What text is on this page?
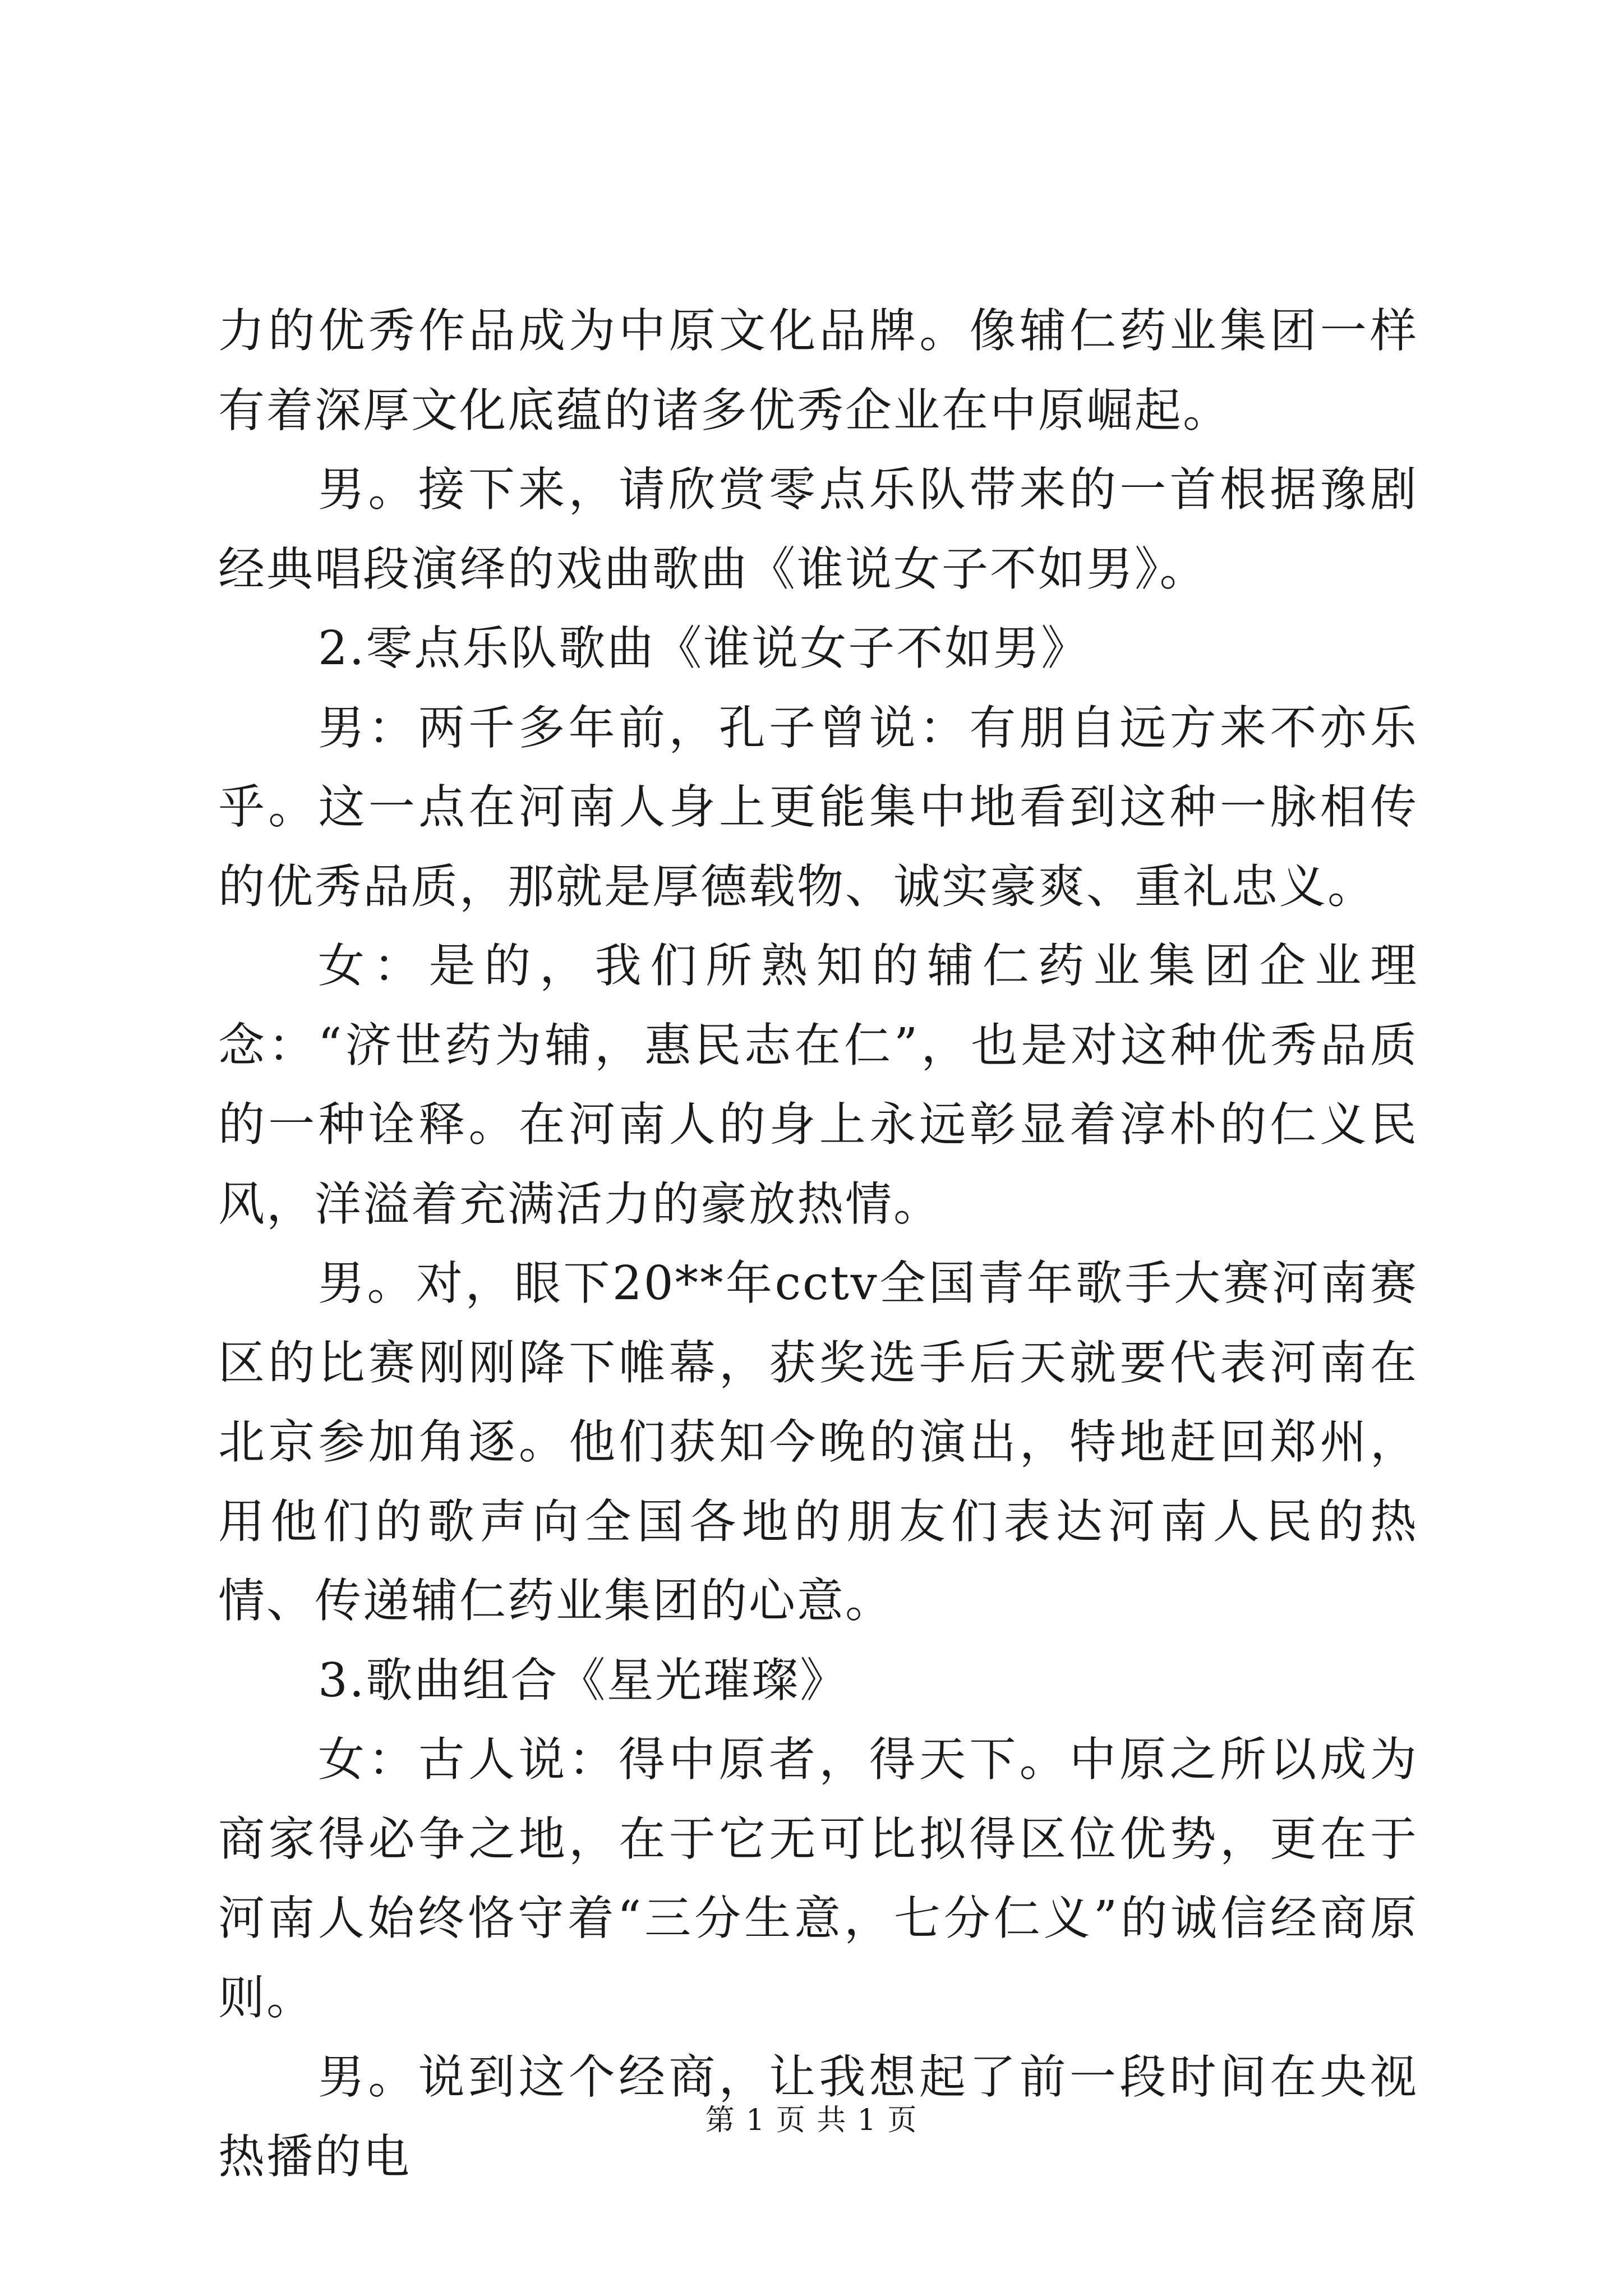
力的优秀作品成为中原文化品牌。像辅仁药业集团一样有着深厚文化底蕴的诸多优秀企业在中原崛起。

男。接下来，请欣赏零点乐队带来的一首根据豫剧经典唱段演绎的戏曲歌曲《谁说女子不如男》。

2.零点乐队歌曲《谁说女子不如男》

男：两千多年前，孔子曾说：有朋自远方来不亦乐乎。这一点在河南人身上更能集中地看到这种一脉相传的优秀品质，那就是厚德载物、诚实豪爽、重礼忠义。

女：是的，我们所熟知的辅仁药业集团企业理念：“济世药为辅，惠民志在仁”，也是对这种优秀品质的一种诠释。在河南人的身上永远彰显着淳朴的仁义民风，洋溢着充满活力的豪放热情。

男。对，眼下20**年cctv全国青年歌手大赛河南赛区的比赛刚刚降下帷幕，获奖选手后天就要代表河南在北京参加角逐。他们获知今晚的演出，特地赶回郑州，用他们的歌声向全国各地的朋友们表达河南人民的热情、传递辅仁药业集团的心意。

3.歌曲组合《星光璀璨》

女：古人说：得中原者，得天下。中原之所以成为商家得必争之地，在于它无可比拟得区位优势，更在于河南人始终恪守着“三分生意，七分仁义”的诚信经商原则。

男。说到这个经商，让我想起了前一段时间在央视热播的电

第 1 页 共 1 页
